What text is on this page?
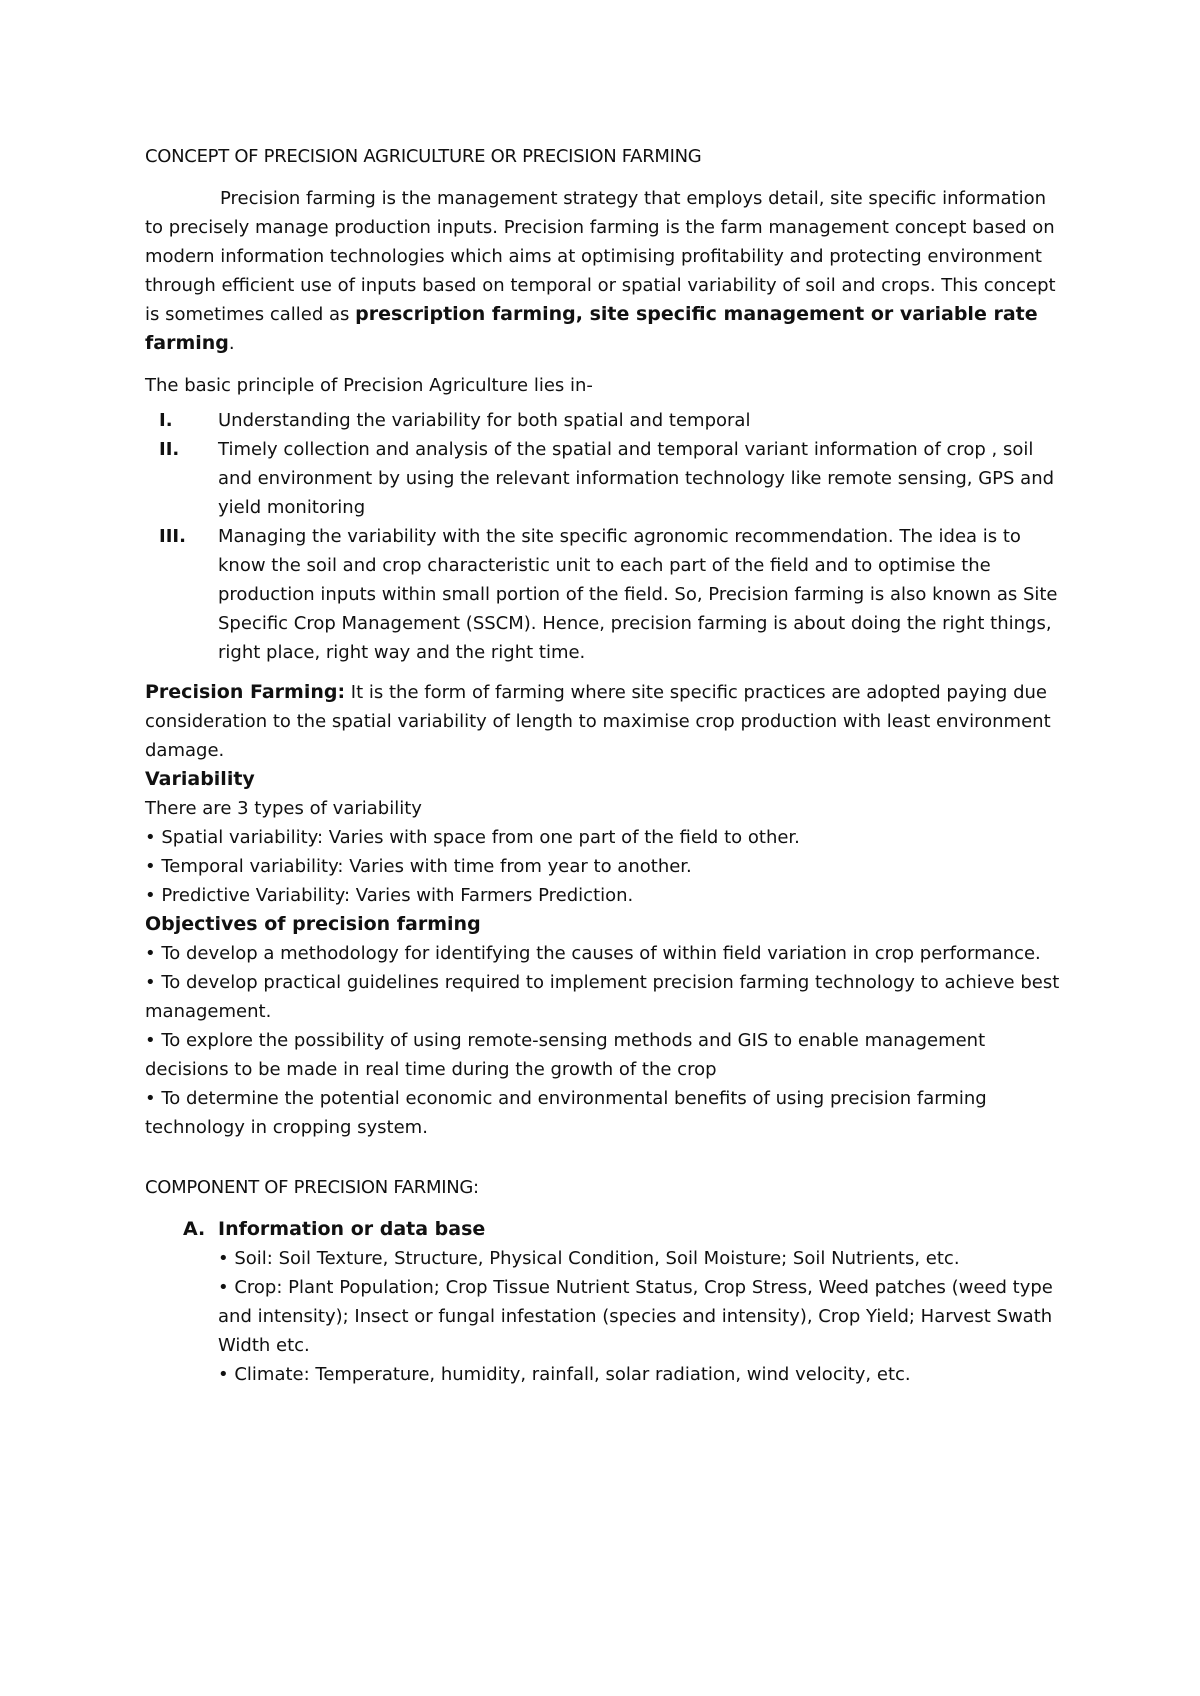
CONCEPT OF PRECISION AGRICULTURE OR PRECISION FARMING

Precision farming is the management strategy that employs detail, site specific information to precisely manage production inputs. Precision farming is the farm management concept based on modern information technologies which aims at optimising profitability and protecting environment through efficient use of inputs based on temporal or spatial variability of soil and crops. This concept is sometimes called as prescription farming, site specific management or variable rate farming.

The basic principle of Precision Agriculture lies in-

I.	Understanding the variability for both spatial and temporal
II. Timely collection and analysis of the spatial and temporal variant information of crop , soil and environment by using the relevant information technology like remote sensing, GPS and yield monitoring
III. Managing the variability with the site specific agronomic recommendation. The idea is to know the soil and crop characteristic unit to each part of the field and to optimise the production inputs within small portion of the field. So, Precision farming is also known as Site Specific Crop Management (SSCM). Hence, precision farming is about doing the right things, right place, right way and the right time.

Precision Farming: It is the form of farming where site specific practices are adopted paying due consideration to the spatial variability of length to maximise crop production with least environment damage.

Variability

There are 3 types of variability

• Spatial variability: Varies with space from one part of the field to other.

• Temporal variability: Varies with time from year to another.

• Predictive Variability: Varies with Farmers Prediction.

Objectives of precision farming

• To develop a methodology for identifying the causes of within field variation in crop performance.

• To develop practical guidelines required to implement precision farming technology to achieve best management.

• To explore the possibility of using remote-sensing methods and GIS to enable management decisions to be made in real time during the growth of the crop

• To determine the potential economic and environmental benefits of using precision farming technology in cropping system.

COMPONENT OF PRECISION FARMING:
A. Information or data base

• Soil: Soil Texture, Structure, Physical Condition, Soil Moisture; Soil Nutrients, etc.

• Crop: Plant Population; Crop Tissue Nutrient Status, Crop Stress, Weed patches (weed type and intensity); Insect or fungal infestation (species and intensity), Crop Yield; Harvest Swath Width etc.

• Climate: Temperature, humidity, rainfall, solar radiation, wind velocity, etc.
